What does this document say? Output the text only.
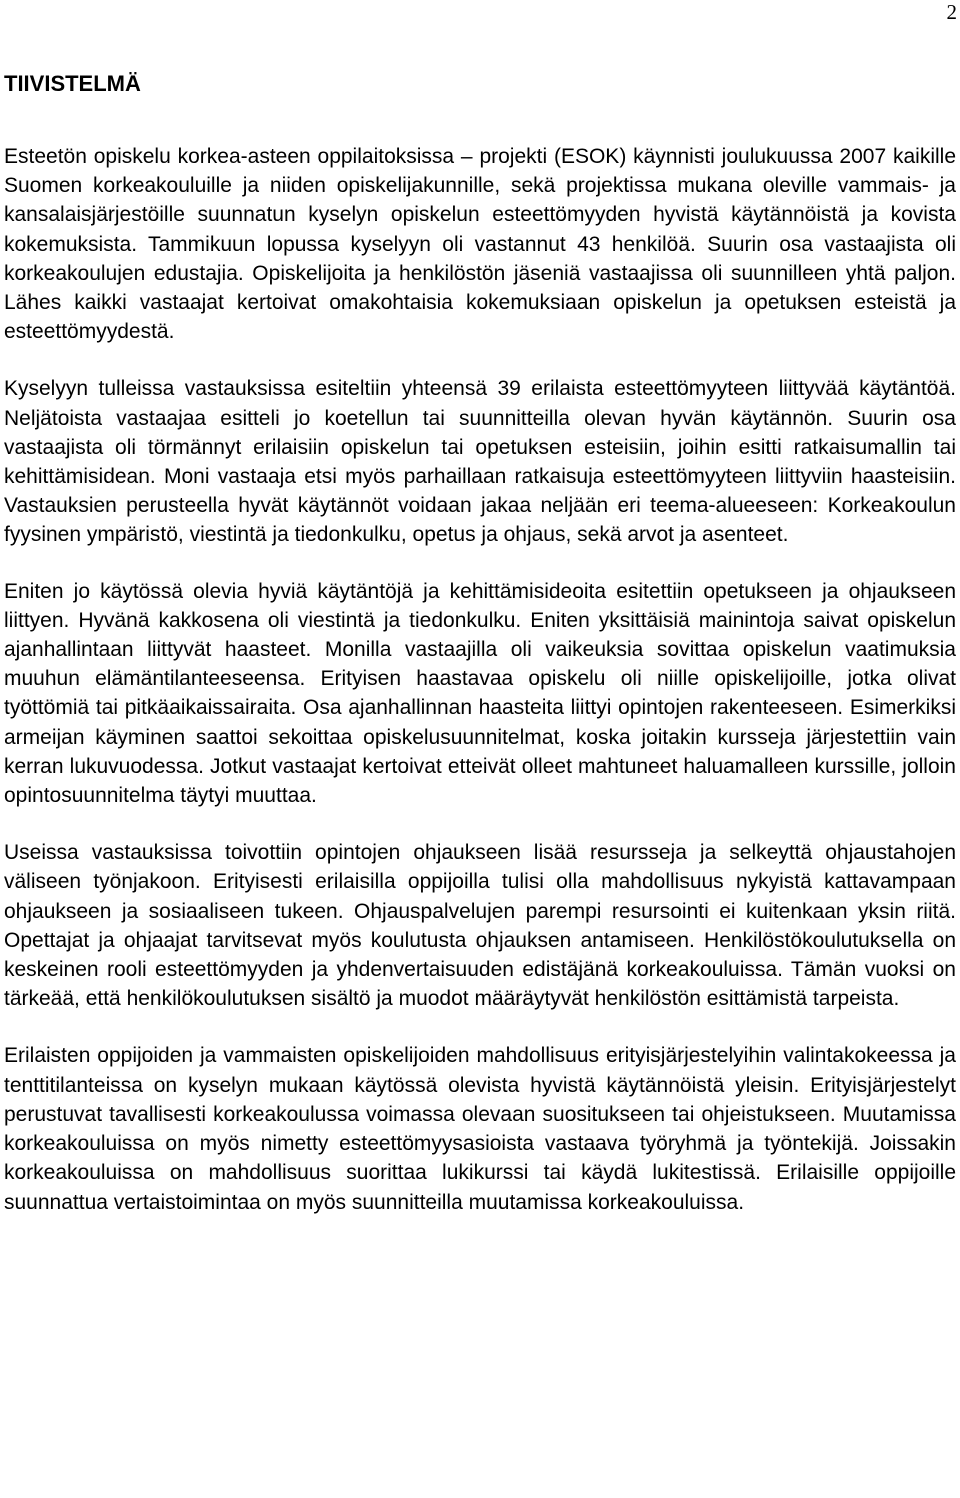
2
TIIVISTELMÄ

Esteetön opiskelu korkea-asteen oppilaitoksissa – projekti (ESOK) käynnisti joulukuussa 2007 kaikille Suomen korkeakouluille ja niiden opiskelijakunnille, sekä projektissa mukana oleville vammais- ja kansalaisjärjestöille suunnatun kyselyn opiskelun esteettömyyden hyvistä käytännöistä ja kovista kokemuksista. Tammikuun lopussa kyselyyn oli vastannut 43 henkilöä. Suurin osa vastaajista oli korkeakoulujen edustajia. Opiskelijoita ja henkilöstön jäseniä vastaajissa oli suunnilleen yhtä paljon. Lähes kaikki vastaajat kertoivat omakohtaisia kokemuksiaan opiskelun ja opetuksen esteistä ja esteettömyydestä.

Kyselyyn tulleissa vastauksissa esiteltiin yhteensä 39 erilaista esteettömyyteen liittyvää käytäntöä. Neljätoista vastaajaa esitteli jo koetellun tai suunnitteilla olevan hyvän käytännön. Suurin osa vastaajista oli törmännyt erilaisiin opiskelun tai opetuksen esteisiin, joihin esitti ratkaisumallin tai kehittämisidean. Moni vastaaja etsi myös parhaillaan ratkaisuja esteettömyyteen liittyviin haasteisiin. Vastauksien perusteella hyvät käytännöt voidaan jakaa neljään eri teema-alueeseen: Korkeakoulun fyysinen ympäristö, viestintä ja tiedonkulku, opetus ja ohjaus, sekä arvot ja asenteet.

Eniten jo käytössä olevia hyviä käytäntöjä ja kehittämisideoita esitettiin opetukseen ja ohjaukseen liittyen. Hyvänä kakkosena oli viestintä ja tiedonkulku. Eniten yksittäisiä mainintoja saivat opiskelun ajanhallintaan liittyvät haasteet. Monilla vastaajilla oli vaikeuksia sovittaa opiskelun vaatimuksia muuhun elämäntilanteeseensa. Erityisen haastavaa opiskelu oli niille opiskelijoille, jotka olivat työttömiä tai pitkäaikaissairaita. Osa ajanhallinnan haasteita liittyi opintojen rakenteeseen. Esimerkiksi armeijan käyminen saattoi sekoittaa opiskelusuunnitelmat, koska joitakin kursseja järjestettiin vain kerran lukuvuodessa. Jotkut vastaajat kertoivat etteivät olleet mahtuneet haluamalleen kurssille, jolloin opintosuunnitelma täytyi muuttaa.

Useissa vastauksissa toivottiin opintojen ohjaukseen lisää resursseja ja selkeyttä ohjaustahojen väliseen työnjakoon. Erityisesti erilaisilla oppijoilla tulisi olla mahdollisuus nykyistä kattavampaan ohjaukseen ja sosiaaliseen tukeen. Ohjauspalvelujen parempi resursointi ei kuitenkaan yksin riitä. Opettajat ja ohjaajat tarvitsevat myös koulutusta ohjauksen antamiseen. Henkilöstökoulutuksella on keskeinen rooli esteettömyyden ja yhdenvertaisuuden edistäjänä korkeakouluissa. Tämän vuoksi on tärkeää, että henkilökoulutuksen sisältö ja muodot määräytyvät henkilöstön esittämistä tarpeista.

Erilaisten oppijoiden ja vammaisten opiskelijoiden mahdollisuus erityisjärjestelyihin valintakokeessa ja tenttitilanteissa on kyselyn mukaan käytössä olevista hyvistä käytännöistä yleisin. Erityisjärjestelyt perustuvat tavallisesti korkeakoulussa voimassa olevaan suositukseen tai ohjeistukseen. Muutamissa korkeakouluissa on myös nimetty esteettömyysasioista vastaava työryhmä ja työntekijä. Joissakin korkeakouluissa on mahdollisuus suorittaa lukikurssi tai käydä lukitestissä. Erilaisille oppijoille suunnattua vertaistoimintaa on myös suunnitteilla muutamissa korkeakouluissa.
